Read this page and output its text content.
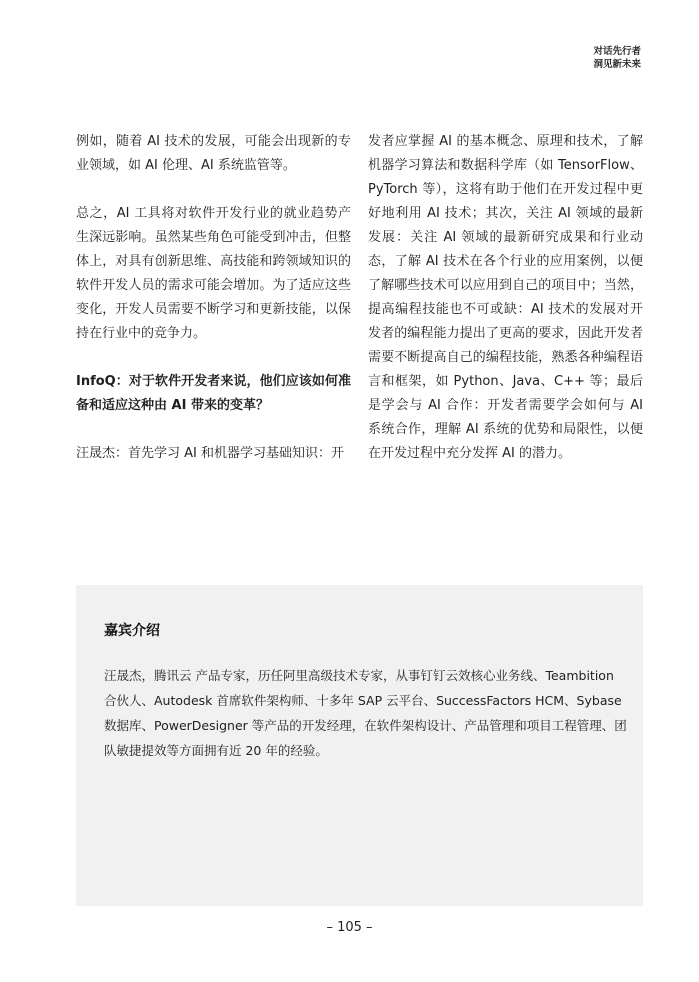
对话先行者
洞见新未来

例如，随着 AI 技术的发展，可能会出现新的专业领域，如 AI 伦理、AI 系统监管等。

总之，AI 工具将对软件开发行业的就业趋势产生深远影响。虽然某些角色可能受到冲击，但整体上，对具有创新思维、高技能和跨领域知识的软件开发人员的需求可能会增加。为了适应这些变化，开发人员需要不断学习和更新技能，以保持在行业中的竞争力。

InfoQ：对于软件开发者来说，他们应该如何准备和适应这种由 AI 带来的变革？

汪晟杰：首先学习 AI 和机器学习基础知识：开

发者应掌握 AI 的基本概念、原理和技术，了解机器学习算法和数据科学库（如 TensorFlow、PyTorch 等），这将有助于他们在开发过程中更好地利用 AI 技术；其次，关注 AI 领域的最新发展：关注 AI 领域的最新研究成果和行业动态，了解 AI 技术在各个行业的应用案例，以便了解哪些技术可以应用到自己的项目中；当然，提高编程技能也不可或缺：AI 技术的发展对开发者的编程能力提出了更高的要求，因此开发者需要不断提高自己的编程技能，熟悉各种编程语言和框架，如 Python、Java、C++ 等；最后是学会与 AI 合作：开发者需要学会如何与 AI 系统合作，理解 AI 系统的优势和局限性，以便在开发过程中充分发挥 AI 的潜力。

嘉宾介绍
汪晟杰，腾讯云 产品专家，历任阿里高级技术专家，从事钉钉云效核心业务线、Teambition 合伙人、Autodesk 首席软件架构师、十多年 SAP 云平台、SuccessFactors HCM、Sybase 数据库、PowerDesigner 等产品的开发经理，在软件架构设计、产品管理和项目工程管理、团队敏捷提效等方面拥有近 20 年的经验。
– 105 –
